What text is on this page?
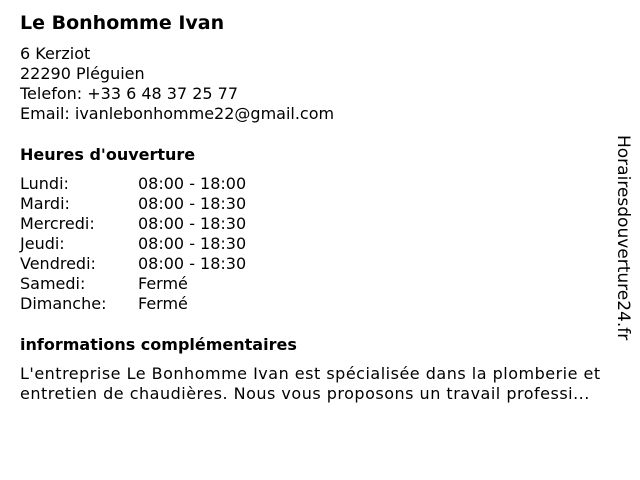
Le Bonhomme Ivan
6 Kerziot
22290 Pléguien
Telefon: +33 6 48 37 25 77
Email: ivanlebonhomme22@gmail.com
Heures d'ouverture
Lundi:	08:00 - 18:00
Mardi:	08:00 - 18:30
Mercredi:	08:00 - 18:30
Jeudi:	08:00 - 18:30
Vendredi:	08:00 - 18:30
Samedi:	Fermé
Dimanche:	Fermé
informations complémentaires
L'entreprise Le Bonhomme Ivan est spécialisée dans la plomberie et entretien de chaudières. Nous vous proposons un travail professi...
Horairesdouverture24.fr
